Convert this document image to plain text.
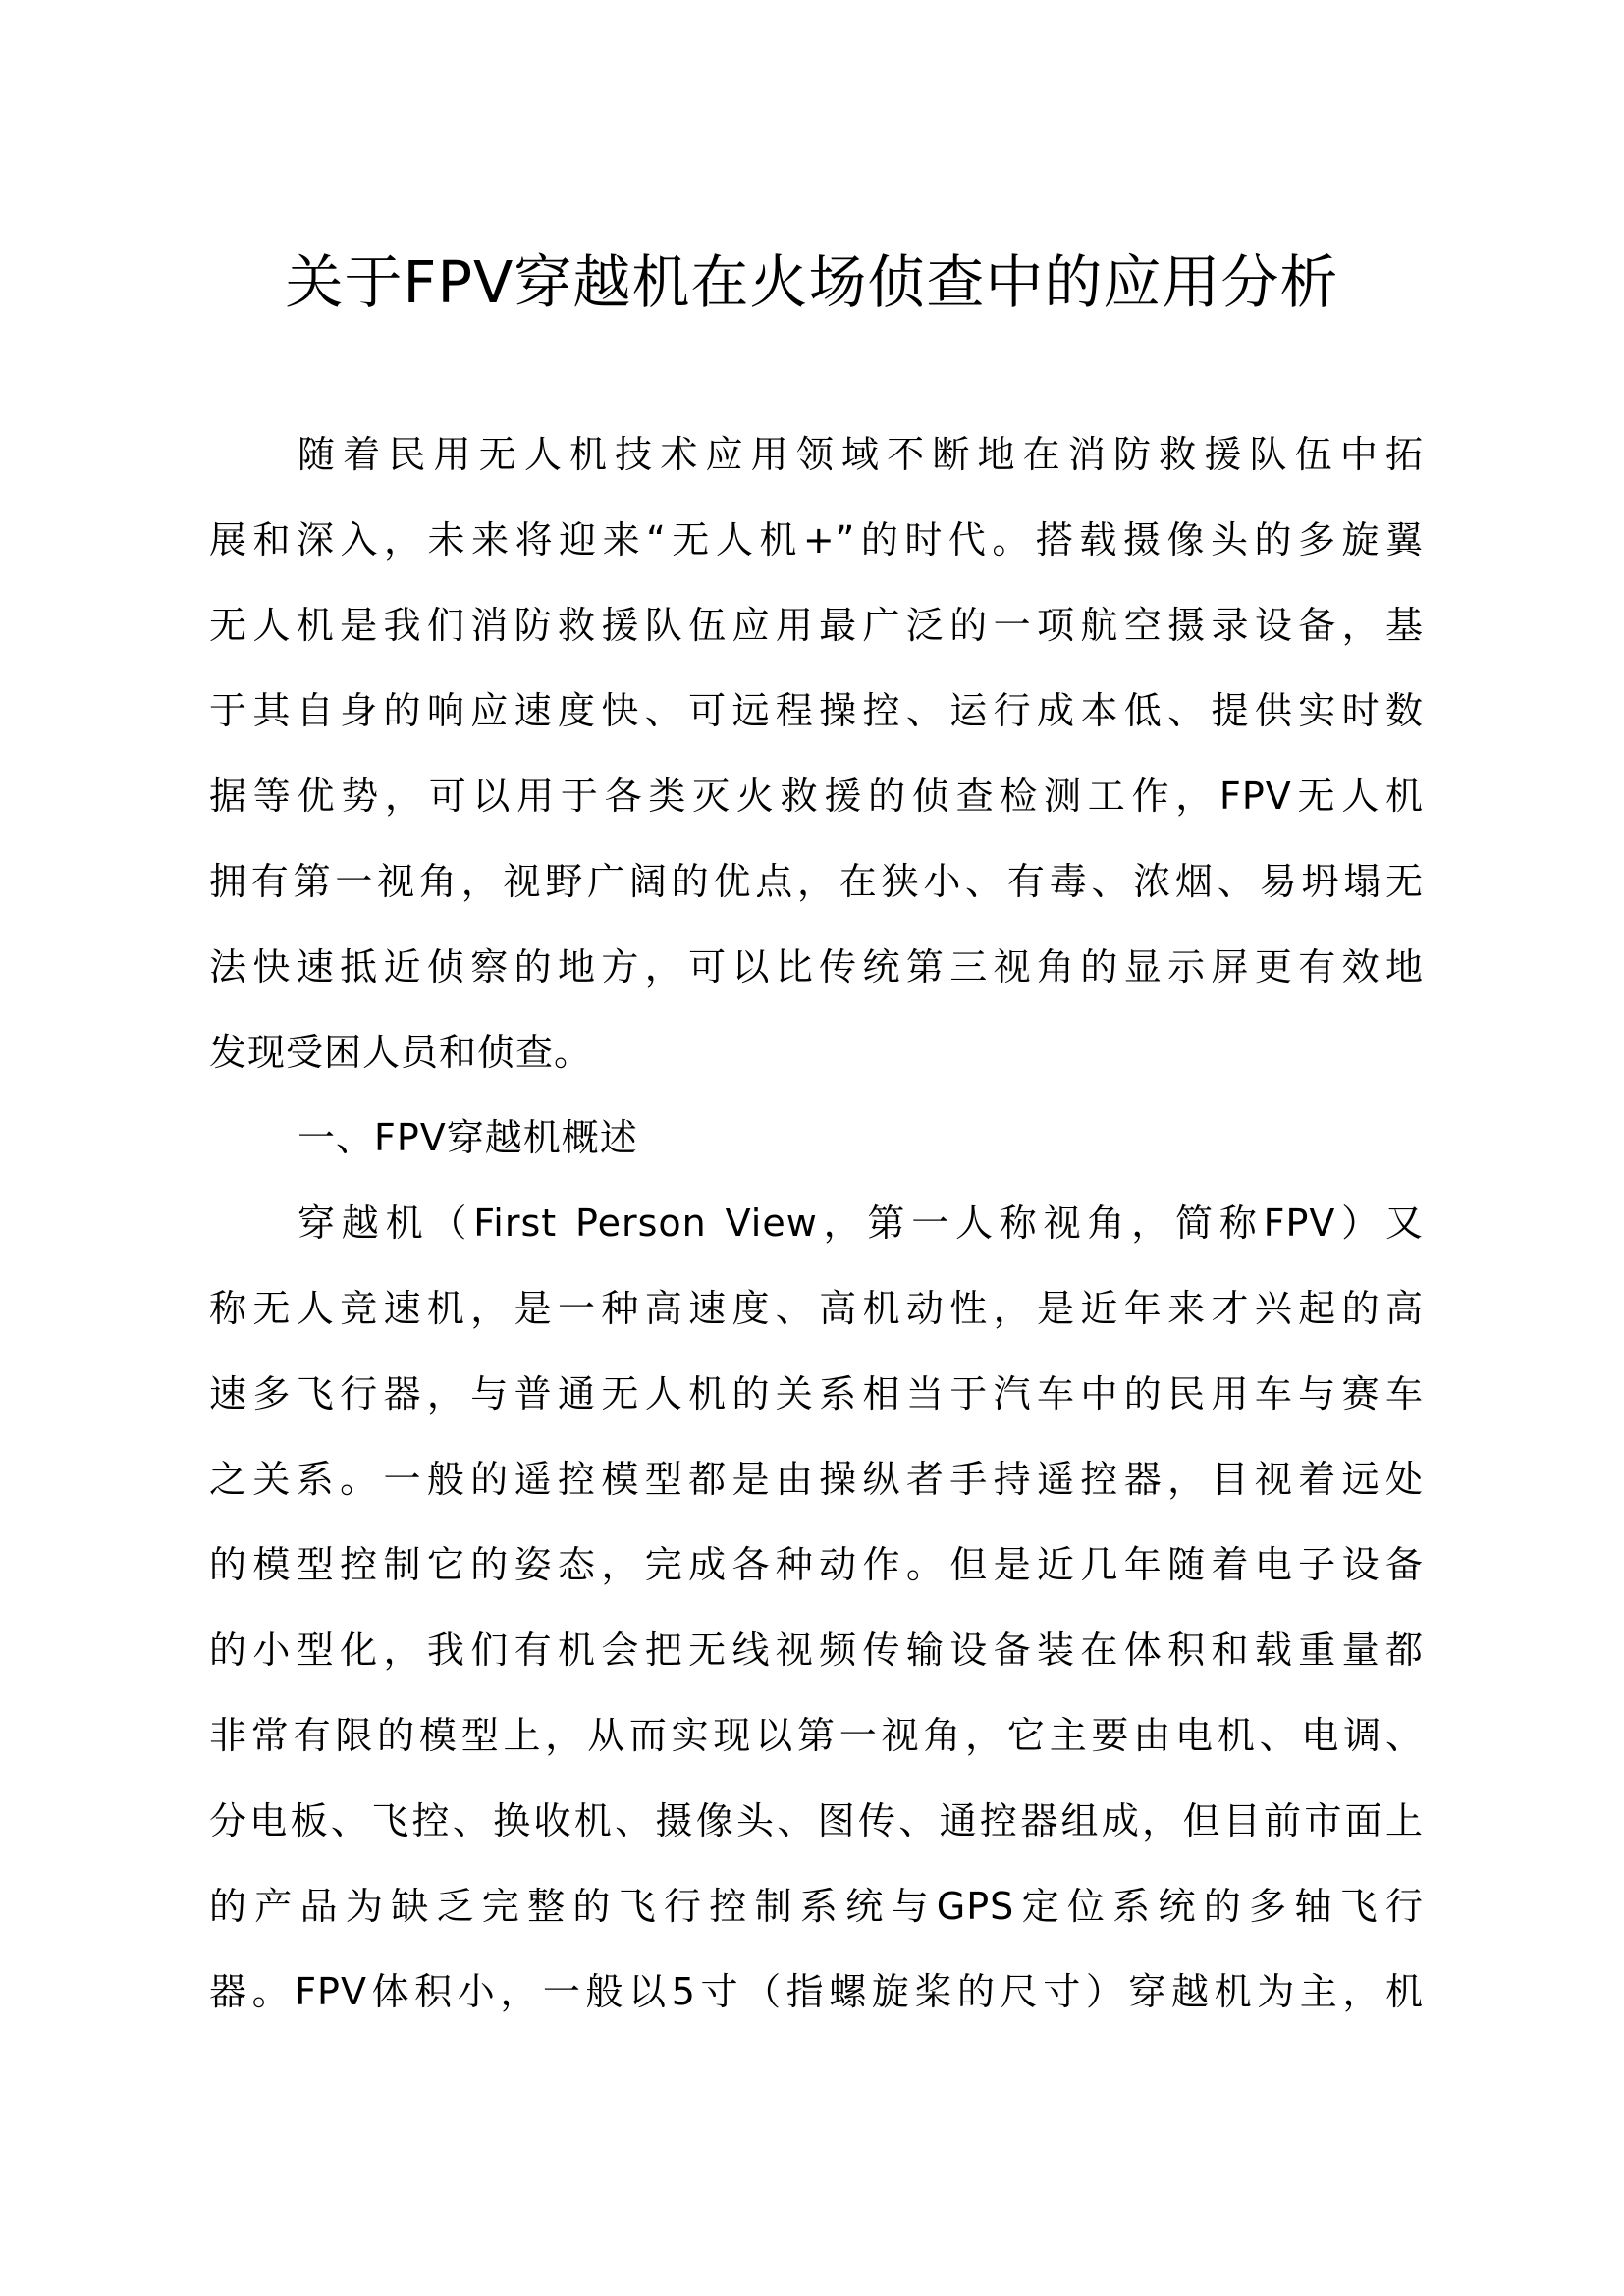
关于FPV穿越机在火场侦查中的应用分析
随着民用无人机技术应用领域不断地在消防救援队伍中拓
展和深入，未来将迎来“无人机+”的时代。搭载摄像头的多旋翼
无人机是我们消防救援队伍应用最广泛的一项航空摄录设备，基
于其自身的响应速度快、可远程操控、运行成本低、提供实时数
据等优势，可以用于各类灭火救援的侦查检测工作，FPV无人机
拥有第一视角，视野广阔的优点，在狭小、有毒、浓烟、易坍塌无
法快速抵近侦察的地方，可以比传统第三视角的显示屏更有效地
发现受困人员和侦查。
一、FPV穿越机概述
穿越机（First Person View，第一人称视角，简称FPV）又
称无人竞速机，是一种高速度、高机动性，是近年来才兴起的高
速多飞行器，与普通无人机的关系相当于汽车中的民用车与赛车
之关系。一般的遥控模型都是由操纵者手持遥控器，目视着远处
的模型控制它的姿态，完成各种动作。但是近几年随着电子设备
的小型化，我们有机会把无线视频传输设备装在体积和载重量都
非常有限的模型上，从而实现以第一视角，它主要由电机、电调、
分电板、飞控、换收机、摄像头、图传、通控器组成，但目前市面上
的产品为缺乏完整的飞行控制系统与GPS定位系统的多轴飞行
器。FPV体积小，一般以5寸（指螺旋桨的尺寸）穿越机为主，机
